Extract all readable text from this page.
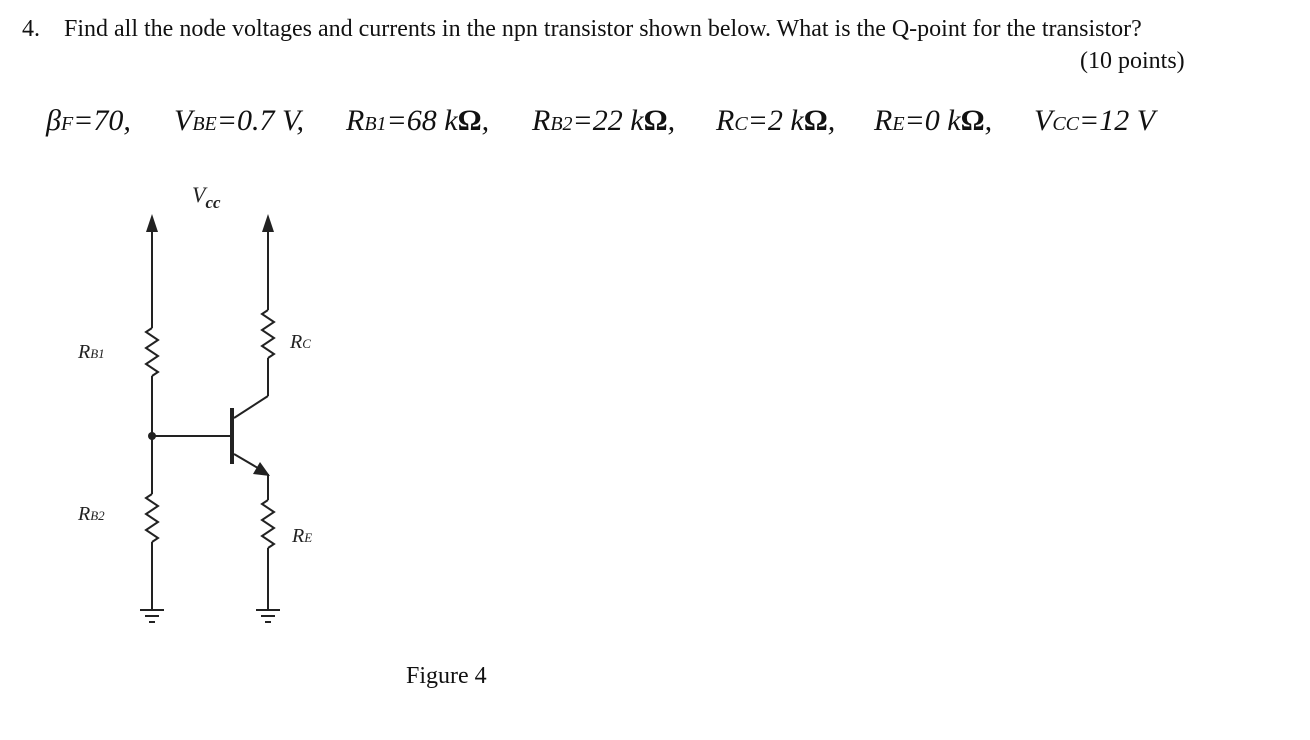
4. Find all the node voltages and currents in the npn transistor shown below. What is the Q-point for the transistor?
(10 points)
βF=70, VBE=0.7 V, RB1=68 kΩ, RB2=22 kΩ, RC=2 kΩ, RE=0 kΩ, VCC=12 V
$V_{cc}$
RB1
RB2
RC
RE
Figure 4
